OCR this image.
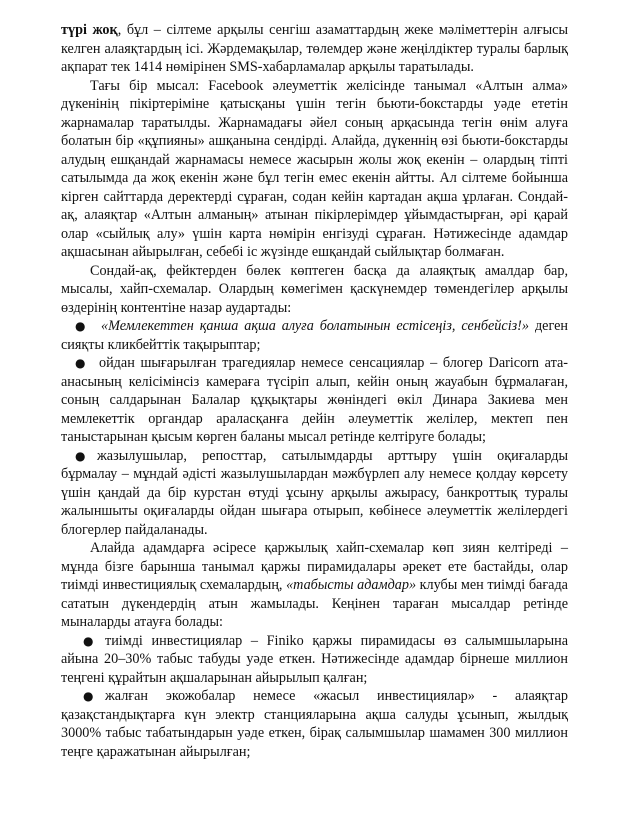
түрі жоқ, бұл – сілтеме арқылы сенгіш азаматтардың жеке мәліметтерін алғысы келген алаяқтардың ісі. Жәрдемақылар, төлемдер және жеңілдіктер туралы барлық ақпарат тек 1414 нөмірінен SMS-хабарламалар арқылы таратылады.

Тағы бір мысал: Facebook әлеуметтік желісінде танымал «Алтын алма» дүкенінің пікіртеріміне қатысқаны үшін тегін бьюти-бокстарды уәде ететін жарнамалар таратылды. Жарнамадағы әйел соның арқасында тегін өнім алуға болатын бір «құпияны» ашқанына сендірді. Алайда, дүкеннің өзі бьюти-бокстарды алудың ешқандай жарнамасы немесе жасырын жолы жоқ екенін – олардың тіпті сатылымда да жоқ екенін және бұл тегін емес екенін айтты. Ал сілтеме бойынша кірген сайттарда деректерді сұраған, содан кейін картадан ақша ұрлаған. Сондай-ақ, алаяқтар «Алтын алманың» атынан пікірлерімдер ұйымдастырған, әрі қарай олар «сыйлық алу» үшін карта нөмірін енгізуді сұраған. Нәтижесінде адамдар ақшасынан айырылған, себебі іс жүзінде ешқандай сыйлықтар болмаған.

Сондай-ақ, фейктерден бөлек көптеген басқа да алаяқтық амалдар бар, мысалы, хайп-схемалар. Олардың көмегімен қаскүнемдер төмендегілер арқылы өздерінің контентіне назар аудартады:

● «Мемлекеттен қанша ақша алуға болатынын естісеңіз, сенбейсіз!» деген сияқты кликбейттік тақырыптар;

● ойдан шығарылған трагедиялар немесе сенсациялар – блогер Daricorn ата-анасының келісімінсіз камераға түсіріп алып, кейін оның жауабын бұрмалаған, соның салдарынан Балалар құқықтары жөніндегі өкіл Динара Закиева мен мемлекеттік органдар араласқанға дейін әлеуметтік желілер, мектеп пен таныстарынан қысым көрген баланы мысал ретінде келтіруге болады;

● жазылушылар, репосттар, сатылымдарды арттыру үшін оқиғаларды бұрмалау – мұндай әдісті жазылушылардан мәжбүрлеп алу немесе қолдау көрсету үшін қандай да бір курстан өтуді ұсыну арқылы ажырасу, банкроттық туралы жалыншыты оқиғаларды ойдан шығара отырып, көбінесе әлеуметтік желілердегі блогерлер пайдаланады.

Алайда адамдарға әсіресе қаржылық хайп-схемалар көп зиян келтіреді – мұнда бізге барынша танымал қаржы пирамидалары әрекет ете бастайды, олар тиімді инвестициялық схемалардың, «табысты адамдар» клубы мен тиімді бағада сататын дүкендердің атын жамылады. Кеңінен тараған мысалдар ретінде мыналарды атауға болады:

● тиімді инвестициялар – Finiko қаржы пирамидасы өз салымшыларына айына 20–30% табыс табуды уәде еткен. Нәтижесінде адамдар бірнеше миллион теңгені құрайтын ақшаларынан айырылып қалған;

● жалған экожобалар немесе «жасыл инвестициялар» - алаяқтар қазақстандықтарға күн электр станцияларына ақша салуды ұсынып, жылдық 3000% табыс табатындарын уәде еткен, бірақ салымшылар шамамен 300 миллион теңге қаражатынан айырылған;
